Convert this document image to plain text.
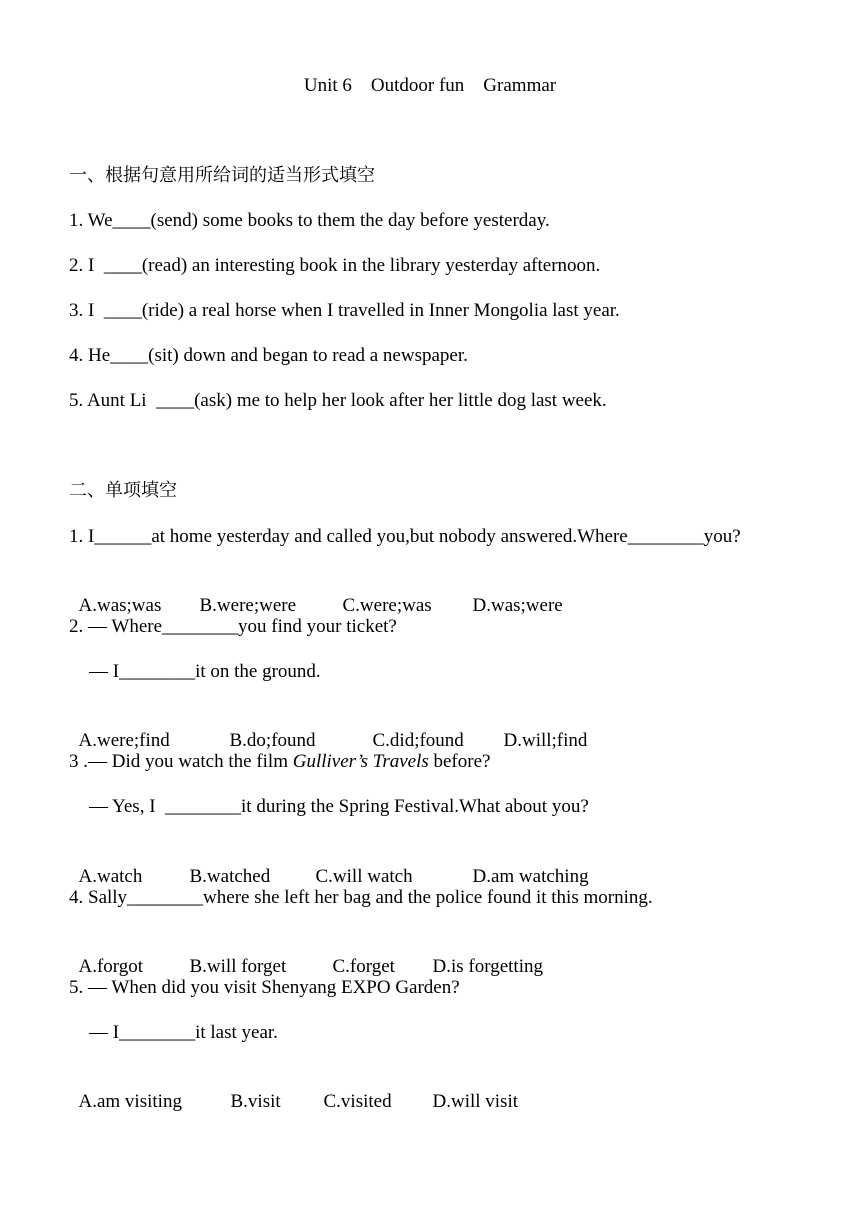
Unit 6    Outdoor fun    Grammar
一、根据句意用所给词的适当形式填空
1. We____(send) some books to them the day before yesterday.
2. I  ____(read) an interesting book in the library yesterday afternoon.
3. I  ____(ride) a real horse when I travelled in Inner Mongolia last year.
4. He____(sit) down and began to read a newspaper.
5. Aunt Li  ____(ask) me to help her look after her little dog last week.
二、单项填空
1. I______at home yesterday and called you,but nobody answered.Where________you?

A.was;was B.were;were C.were;was D.was;were

2. — Where________you find your ticket?
— I________it on the ground.

A.were;find	B.do;found	C.did;found D.will;find

3 .— Did you watch the film Gulliver’s Travels before?
— Yes, I  ________it during the Spring Festival.What about you?

A.watch B.watched C.will watch	D.am watching

4. Sally________where she left her bag and the police found it this morning.

A.forgot B.will forget C.forget D.is forgetting

5. — When did you visit Shenyang EXPO Garden?
— I________it last year.

A.am visiting	B.visit C.visited D.will visit
